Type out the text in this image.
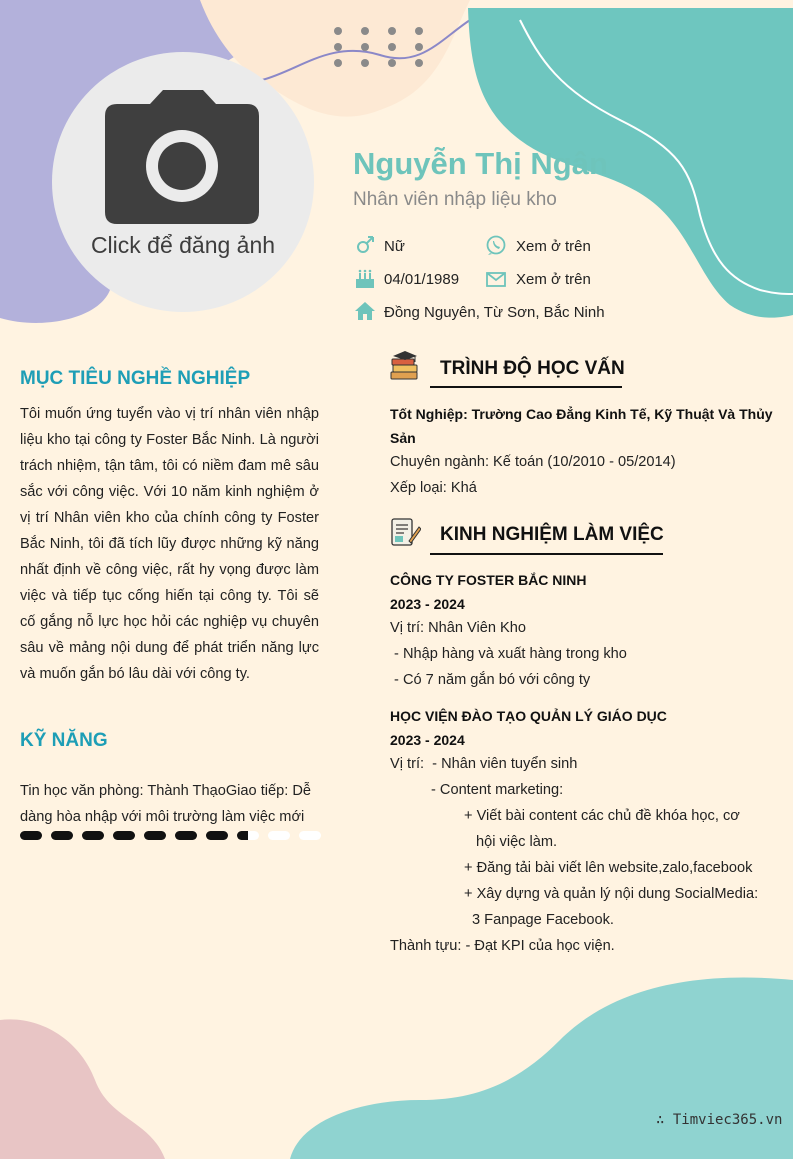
Click để đăng ảnh
Nguyễn Thị Ngân
Nhân viên nhập liệu kho
Nữ	Xem ở trên
04/01/1989	Xem ở trên
Đồng Nguyên, Từ Sơn, Bắc Ninh
MỤC TIÊU NGHỀ NGHIỆP
Tôi muốn ứng tuyển vào vị trí nhân viên nhập liệu kho tại công ty Foster Bắc Ninh. Là người trách nhiệm, tận tâm, tôi có niềm đam mê sâu sắc với công việc. Với 10 năm kinh nghiệm ở vị trí Nhân viên kho của chính công ty Foster Bắc Ninh, tôi đã tích lũy được những kỹ năng nhất định về công việc, rất hy vọng được làm việc và tiếp tục cống hiến tại công ty. Tôi sẽ cố gắng nỗ lực học hỏi các nghiệp vụ chuyên sâu về mảng nội dung để phát triển năng lực và muốn gắn bó lâu dài với công ty.
KỸ NĂNG
Tin học văn phòng: Thành ThạoGiao tiếp: Dễ dàng hòa nhập với môi trường làm việc mới
TRÌNH ĐỘ HỌC VẤN
Tốt Nghiệp: Trường Cao Đẳng Kinh Tế, Kỹ Thuật Và Thủy
Sản
Chuyên ngành: Kế toán (10/2010 - 05/2014)
Xếp loại: Khá
KINH NGHIỆM LÀM VIỆC
CÔNG TY FOSTER BẮC NINH
2023 - 2024
Vị trí: Nhân Viên Kho
- Nhập hàng và xuất hàng trong kho
- Có 7 năm gắn bó với công ty
HỌC VIỆN ĐÀO TẠO QUẢN LÝ GIÁO DỤC
2023 - 2024
Vị trí:  - Nhân viên tuyển sinh
- Content marketing:
+ Viết bài content các chủ đề khóa học, cơ
hội việc làm.
+ Đăng tải bài viết lên website,zalo,facebook
+ Xây dựng và quản lý nội dung SocialMedia:
3 Fanpage Facebook.
Thành tựu: - Đạt KPI của học viện.
∴ Timviec365.vn
